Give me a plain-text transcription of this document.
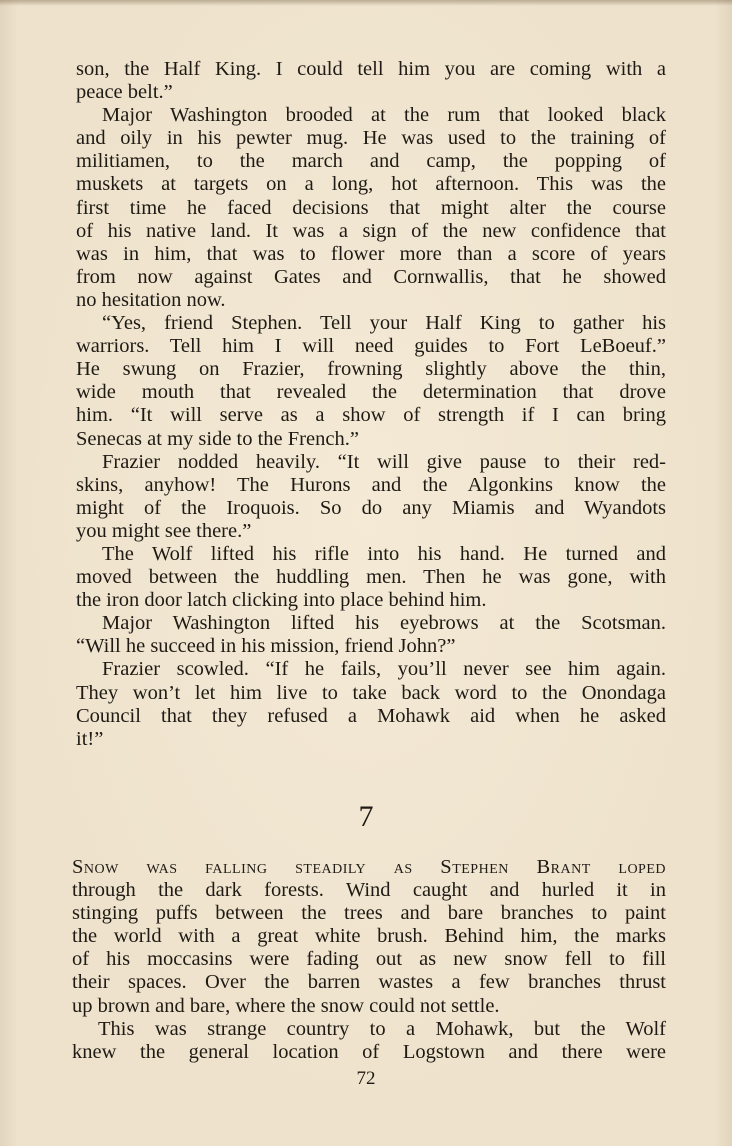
son, the Half King. I could tell him you are coming with a
peace belt.”
Major Washington brooded at the rum that looked black
and oily in his pewter mug. He was used to the training of
militiamen, to the march and camp, the popping of
muskets at targets on a long, hot afternoon. This was the
first time he faced decisions that might alter the course
of his native land. It was a sign of the new confidence that
was in him, that was to flower more than a score of years
from now against Gates and Cornwallis, that he showed
no hesitation now.
“Yes, friend Stephen. Tell your Half King to gather his
warriors. Tell him I will need guides to Fort LeBoeuf.”
He swung on Frazier, frowning slightly above the thin,
wide mouth that revealed the determination that drove
him. “It will serve as a show of strength if I can bring
Senecas at my side to the French.”
Frazier nodded heavily. “It will give pause to their red-
skins, anyhow! The Hurons and the Algonkins know the
might of the Iroquois. So do any Miamis and Wyandots
you might see there.”
The Wolf lifted his rifle into his hand. He turned and
moved between the huddling men. Then he was gone, with
the iron door latch clicking into place behind him.
Major Washington lifted his eyebrows at the Scotsman.
“Will he succeed in his mission, friend John?”
Frazier scowled. “If he fails, you’ll never see him again.
They won’t let him live to take back word to the Onondaga
Council that they refused a Mohawk aid when he asked
it!”
7
Snow was falling steadily as Stephen Brant loped
through the dark forests. Wind caught and hurled it in
stinging puffs between the trees and bare branches to paint
the world with a great white brush. Behind him, the marks
of his moccasins were fading out as new snow fell to fill
their spaces. Over the barren wastes a few branches thrust
up brown and bare, where the snow could not settle.
This was strange country to a Mohawk, but the Wolf
knew the general location of Logstown and there were
72
